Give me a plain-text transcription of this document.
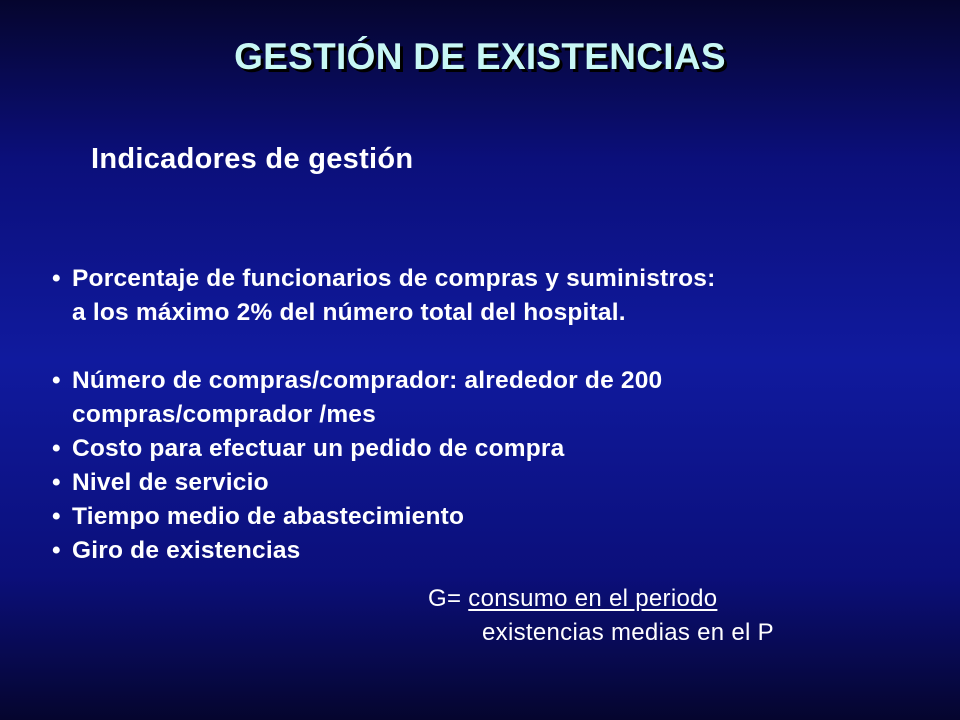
GESTIÓN DE EXISTENCIAS
Indicadores de gestión
• Porcentaje de funcionarios de compras y suministros:
a los máximo 2% del número total del hospital.
• Número de compras/comprador: alrededor de 200
compras/comprador /mes
• Costo para efectuar un pedido de compra
• Nivel de servicio
• Tiempo medio de abastecimiento
• Giro de existencias
G= consumo en el periodo
existencias medias en el P
